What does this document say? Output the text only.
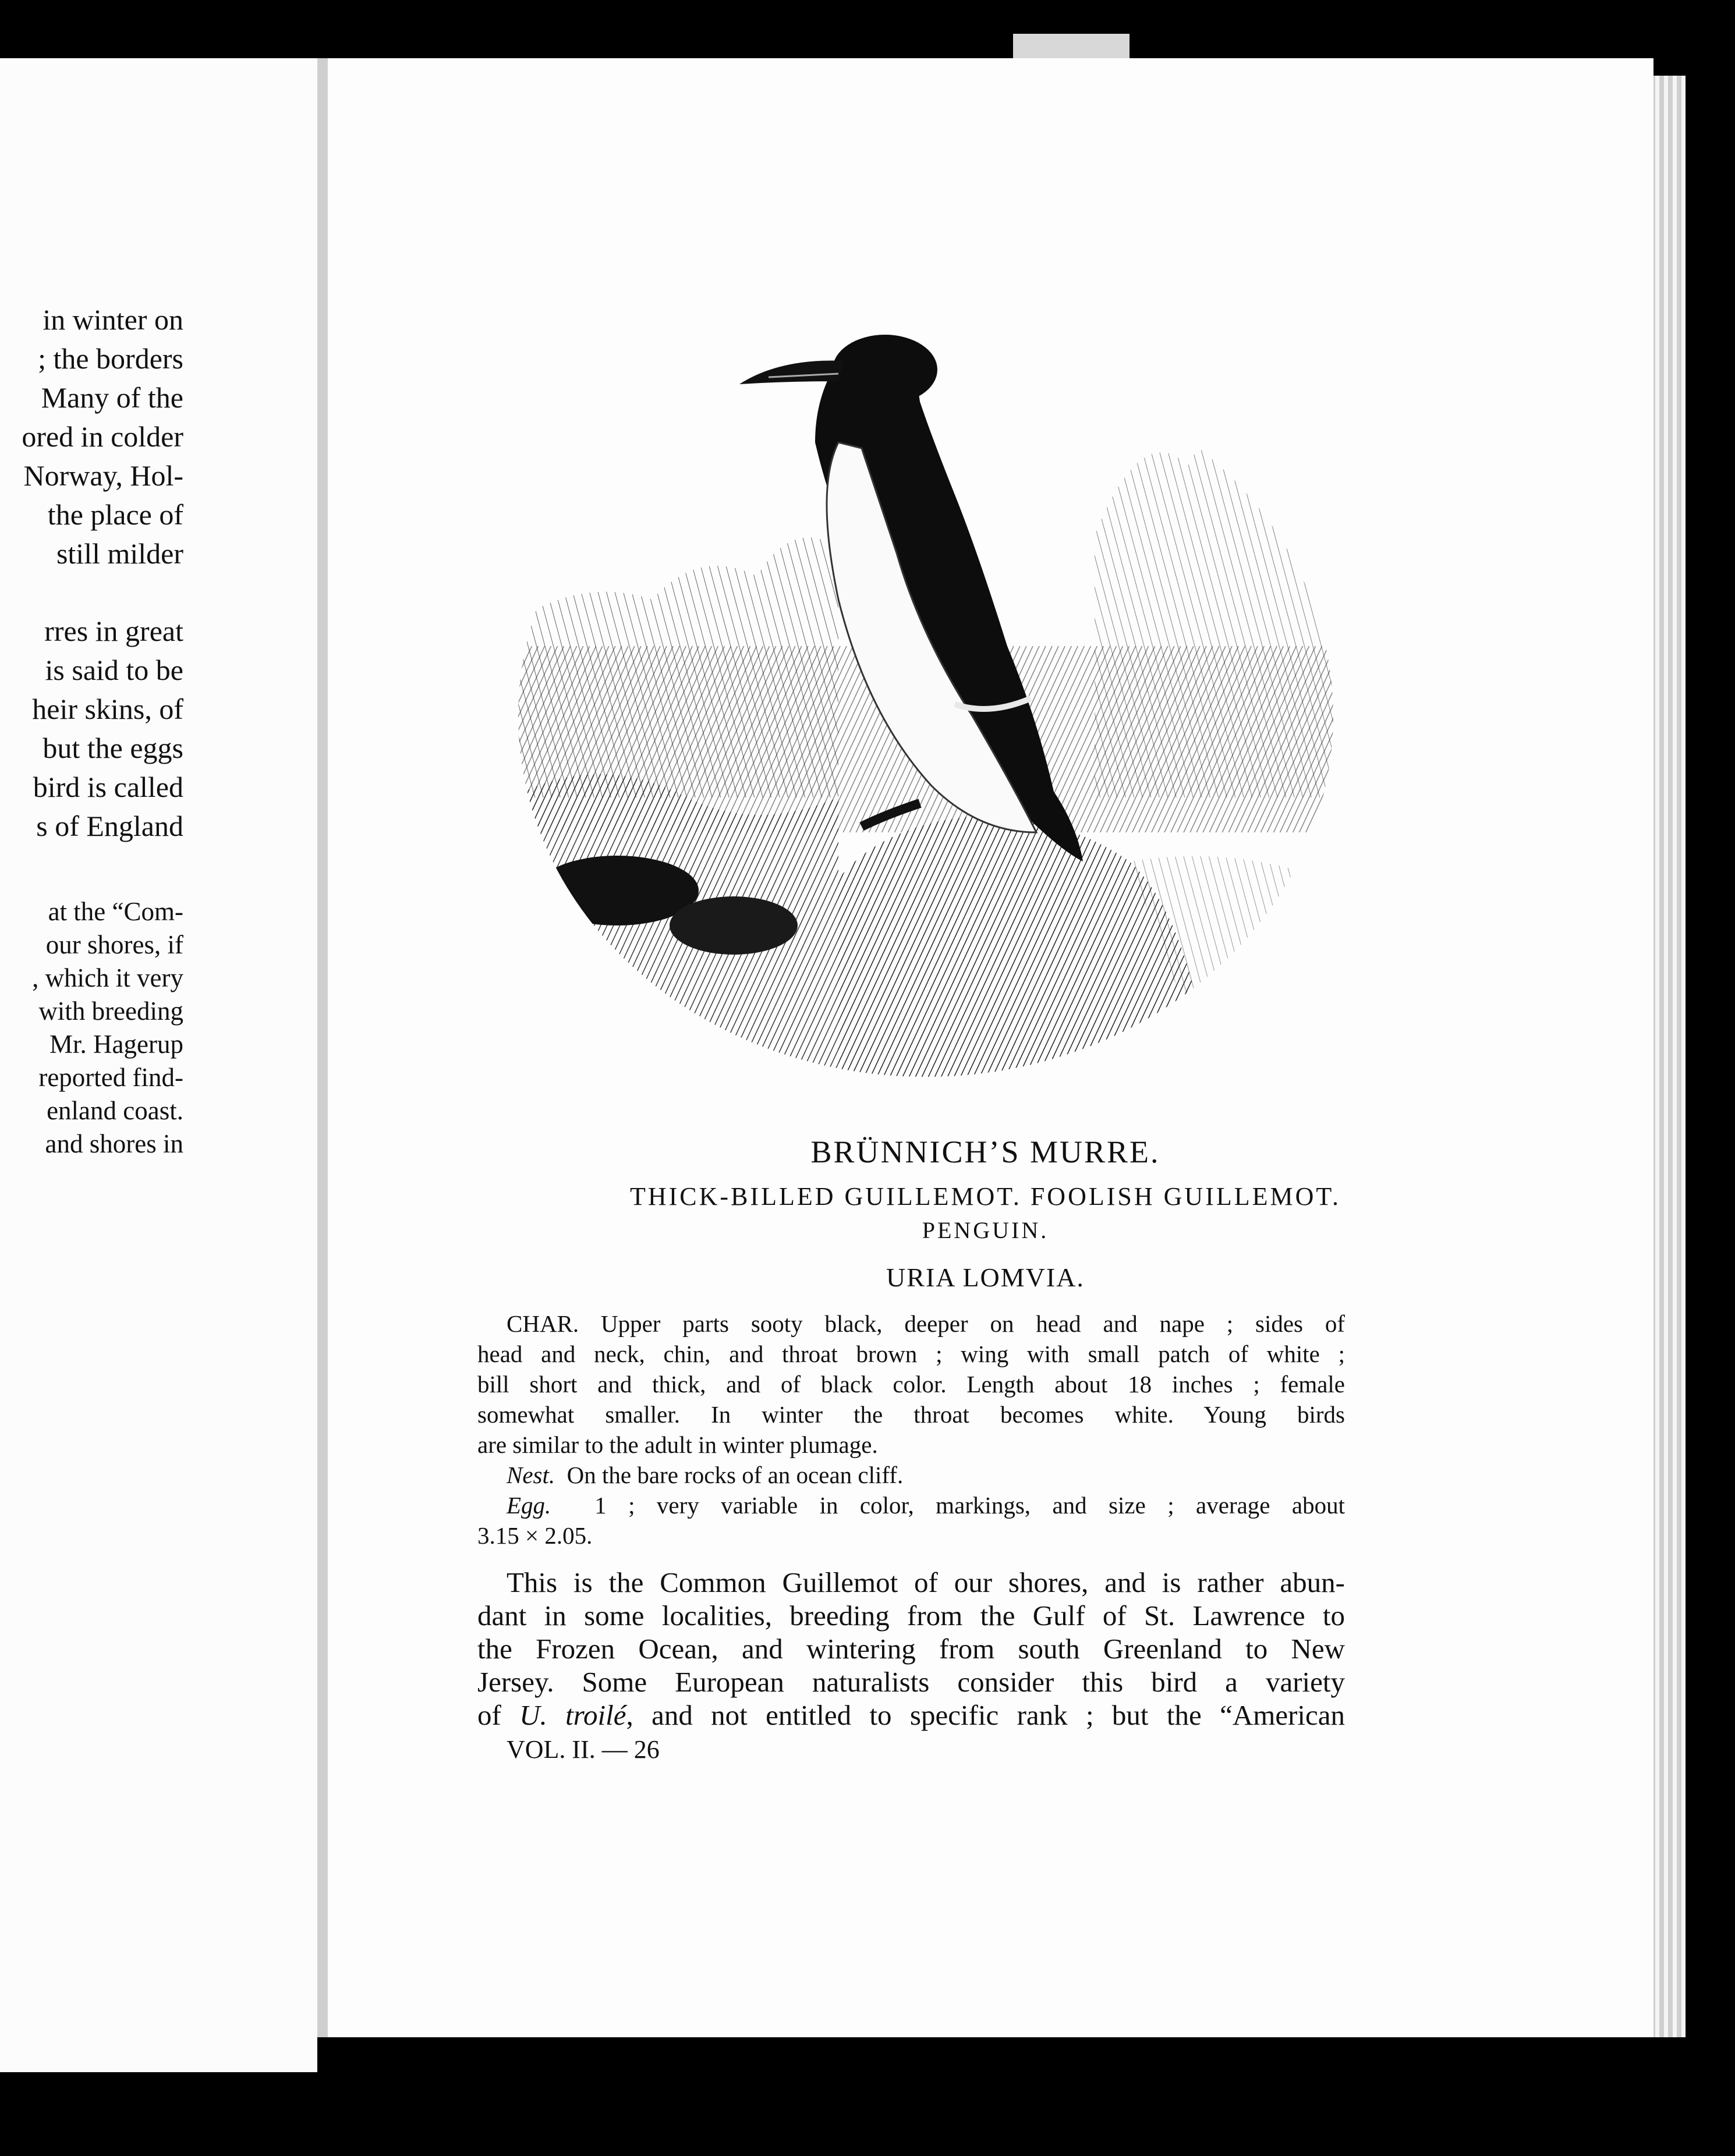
in winter on
; the borders
Many of the
ored in colder
Norway, Hol-
the place of
still milder
rres in great
is said to be
heir skins, of
but the eggs
bird is called
s of England
at the “Com-
our shores, if
, which it very
with breeding
Mr. Hagerup
reported find-
enland coast.
and shores in	BRÜNNICH’S MURRE.
THICK-BILLED GUILLEMOT. FOOLISH GUILLEMOT.
PENGUIN.
URIA LOMVIA.
CHAR. Upper parts sooty black, deeper on head and nape ; sides of
head and neck, chin, and throat brown ; wing with small patch of white ;
bill short and thick, and of black color. Length about 18 inches ; female
somewhat smaller. In winter the throat becomes white. Young birds
are similar to the adult in winter plumage.
Nest. On the bare rocks of an ocean cliff.
Egg. 1 ; very variable in color, markings, and size ; average about
3.15 × 2.05.
This is the Common Guillemot of our shores, and is rather abun-
dant in some localities, breeding from the Gulf of St. Lawrence to
the Frozen Ocean, and wintering from south Greenland to New
Jersey. Some European naturalists consider this bird a variety
of U. troilé, and not entitled to specific rank ; but the “American
VOL. II. — 26
